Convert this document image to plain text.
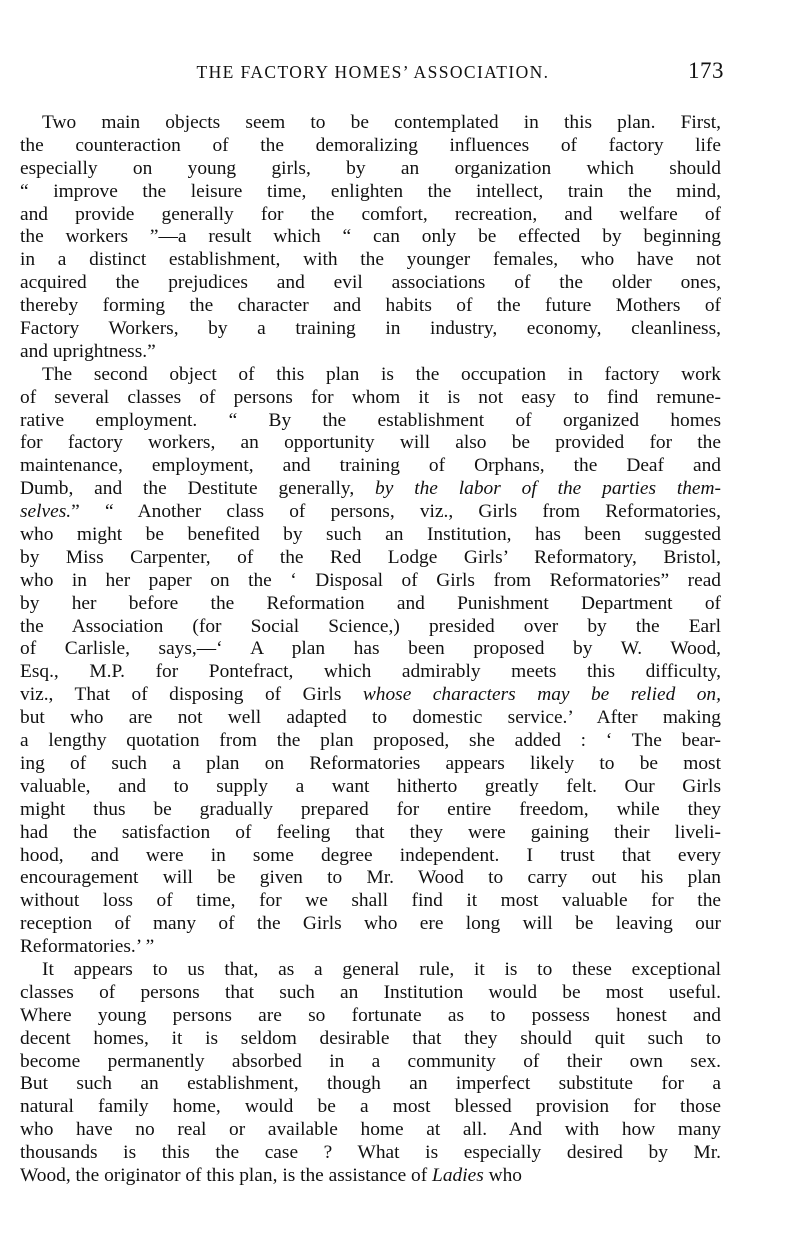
THE FACTORY HOMES’ ASSOCIATION.	173
Two main objects seem to be contemplated in this plan. First,
the counteraction of the demoralizing influences of factory life
especially on young girls, by an organization which should
“ improve the leisure time, enlighten the intellect, train the mind,
and provide generally for the comfort, recreation, and welfare of
the workers ”—a result which “ can only be effected by beginning
in a distinct establishment, with the younger females, who have not
acquired the prejudices and evil associations of the older ones,
thereby forming the character and habits of the future Mothers of
Factory Workers, by a training in industry, economy, cleanliness,
and uprightness.”
The second object of this plan is the occupation in factory work
of several classes of persons for whom it is not easy to find remune-
rative employment. “ By the establishment of organized homes
for factory workers, an opportunity will also be provided for the
maintenance, employment, and training of Orphans, the Deaf and
Dumb, and the Destitute generally, by the labor of the parties them-
selves.” “ Another class of persons, viz., Girls from Reformatories,
who might be benefited by such an Institution, has been suggested
by Miss Carpenter, of the Red Lodge Girls’ Reformatory, Bristol,
who in her paper on the ‘ Disposal of Girls from Reformatories” read
by her before the Reformation and Punishment Department of
the Association (for Social Science,) presided over by the Earl
of Carlisle, says,—‘ A plan has been proposed by W. Wood,
Esq., M.P. for Pontefract, which admirably meets this difficulty,
viz., That of disposing of Girls whose characters may be relied on,
but who are not well adapted to domestic service.’ After making
a lengthy quotation from the plan proposed, she added : ‘ The bear-
ing of such a plan on Reformatories appears likely to be most
valuable, and to supply a want hitherto greatly felt. Our Girls
might thus be gradually prepared for entire freedom, while they
had the satisfaction of feeling that they were gaining their liveli-
hood, and were in some degree independent. I trust that every
encouragement will be given to Mr. Wood to carry out his plan
without loss of time, for we shall find it most valuable for the
reception of many of the Girls who ere long will be leaving our
Reformatories.’ ”
It appears to us that, as a general rule, it is to these exceptional
classes of persons that such an Institution would be most useful.
Where young persons are so fortunate as to possess honest and
decent homes, it is seldom desirable that they should quit such to
become permanently absorbed in a community of their own sex.
But such an establishment, though an imperfect substitute for a
natural family home, would be a most blessed provision for those
who have no real or available home at all. And with how many
thousands is this the case ? What is especially desired by Mr.
Wood, the originator of this plan, is the assistance of Ladies who
